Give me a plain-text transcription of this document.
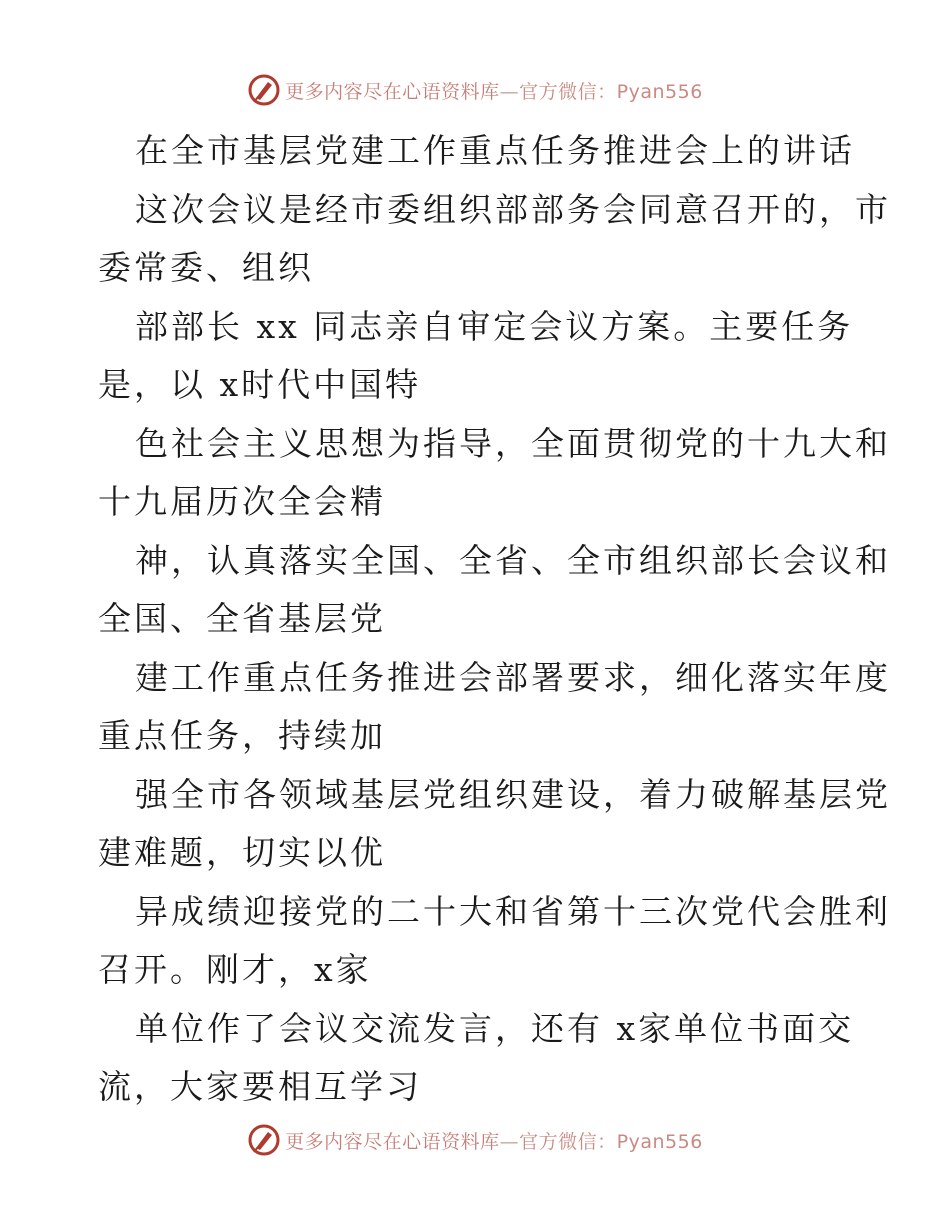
更多内容尽在心语资料库—官方微信：Pyan556
在全市基层党建工作重点任务推进会上的讲话
这次会议是经市委组织部部务会同意召开的，市
委常委、组织
部部长 xx 同志亲自审定会议方案。主要任务
是，以 x时代中国特
色社会主义思想为指导，全面贯彻党的十九大和
十九届历次全会精
神，认真落实全国、全省、全市组织部长会议和
全国、全省基层党
建工作重点任务推进会部署要求，细化落实年度
重点任务，持续加
强全市各领域基层党组织建设，着力破解基层党
建难题，切实以优
异成绩迎接党的二十大和省第十三次党代会胜利
召开。刚才，x家
单位作了会议交流发言，还有 x家单位书面交
流，大家要相互学习
更多内容尽在心语资料库—官方微信：Pyan556
